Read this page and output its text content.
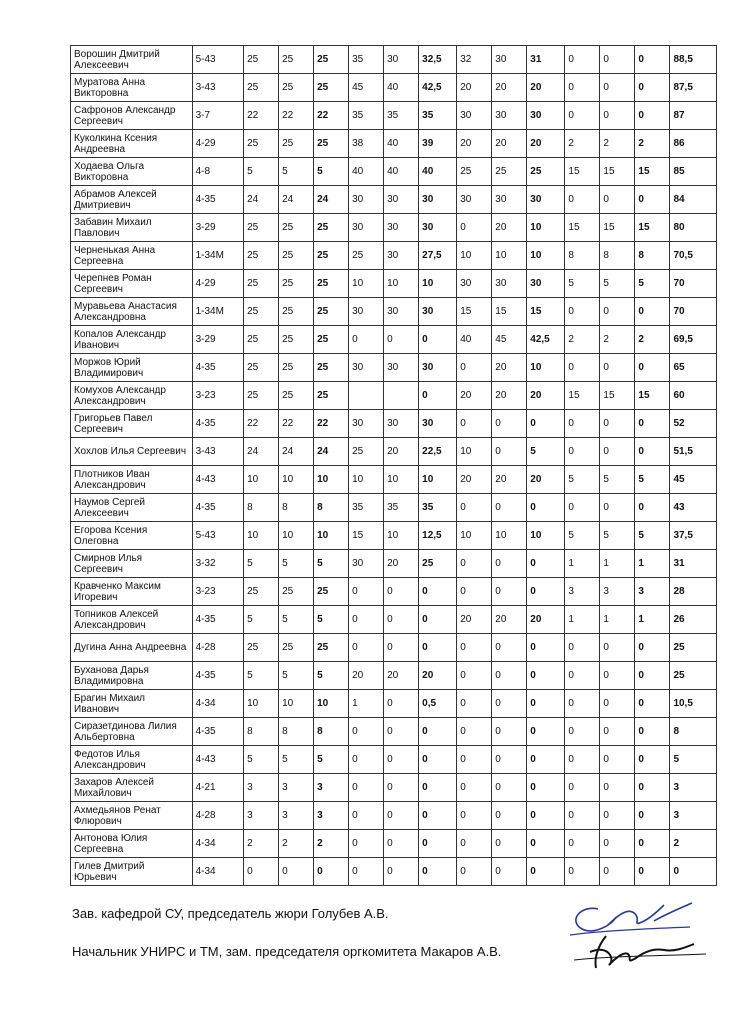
Ворошин Дмитрий Алексеевич	5-43	25	25	25	35	30	32,5	32	30	31	0	0	0	88,5
Муратова Анна Викторовна	3-43	25	25	25	45	40	42,5	20	20	20	0	0	0	87,5
Сафронов Александр Сергеевич	3-7	22	22	22	35	35	35	30	30	30	0	0	0	87
Куколкина Ксения Андреевна	4-29	25	25	25	38	40	39	20	20	20	2	2	2	86
Ходаева Ольга Викторовна	4-8	5	5	5	40	40	40	25	25	25	15	15	15	85
Абрамов Алексей Дмитриевич	4-35	24	24	24	30	30	30	30	30	30	0	0	0	84
Забавин Михаил Павлович	3-29	25	25	25	30	30	30	0	20	10	15	15	15	80
Черненькая Анна Сергеевна	1-34М	25	25	25	25	30	27,5	10	10	10	8	8	8	70,5
Черепнев Роман Сергеевич	4-29	25	25	25	10	10	10	30	30	30	5	5	5	70
Муравьева Анастасия Александровна	1-34М	25	25	25	30	30	30	15	15	15	0	0	0	70
Копалов Александр Иванович	3-29	25	25	25	0	0	0	40	45	42,5	2	2	2	69,5
Моржов Юрий Владимирович	4-35	25	25	25	30	30	30	0	20	10	0	0	0	65
Комухов Александр Александрович	3-23	25	25	25			0	20	20	20	15	15	15	60
Григорьев Павел Сергеевич	4-35	22	22	22	30	30	30	0	0	0	0	0	0	52
Хохлов Илья Сергеевич	3-43	24	24	24	25	20	22,5	10	0	5	0	0	0	51,5
Плотников Иван Александрович	4-43	10	10	10	10	10	10	20	20	20	5	5	5	45
Наумов Сергей Алексеевич	4-35	8	8	8	35	35	35	0	0	0	0	0	0	43
Егорова Ксения Олеговна	5-43	10	10	10	15	10	12,5	10	10	10	5	5	5	37,5
Смирнов Илья Сергеевич	3-32	5	5	5	30	20	25	0	0	0	1	1	1	31
Кравченко Максим Игоревич	3-23	25	25	25	0	0	0	0	0	0	3	3	3	28
Топников Алексей Александрович	4-35	5	5	5	0	0	0	20	20	20	1	1	1	26
Дугина Анна Андреевна	4-28	25	25	25	0	0	0	0	0	0	0	0	0	25
Буханова Дарья Владимировна	4-35	5	5	5	20	20	20	0	0	0	0	0	0	25
Брагин Михаил Иванович	4-34	10	10	10	1	0	0,5	0	0	0	0	0	0	10,5
Сиразетдинова Лилия Альбертовна	4-35	8	8	8	0	0	0	0	0	0	0	0	0	8
Федотов Илья Александрович	4-43	5	5	5	0	0	0	0	0	0	0	0	0	5
Захаров Алексей Михайлович	4-21	3	3	3	0	0	0	0	0	0	0	0	0	3
Ахмедьянов Ренат Флюрович	4-28	3	3	3	0	0	0	0	0	0	0	0	0	3
Антонова Юлия Сергеевна	4-34	2	2	2	0	0	0	0	0	0	0	0	0	2
Гилев Дмитрий Юрьевич	4-34	0	0	0	0	0	0	0	0	0	0	0	0	0
Зав. кафедрой СУ, председатель жюри Голубев А.В.
Начальник УНИРС и ТМ, зам. председателя оргкомитета Макаров А.В.
